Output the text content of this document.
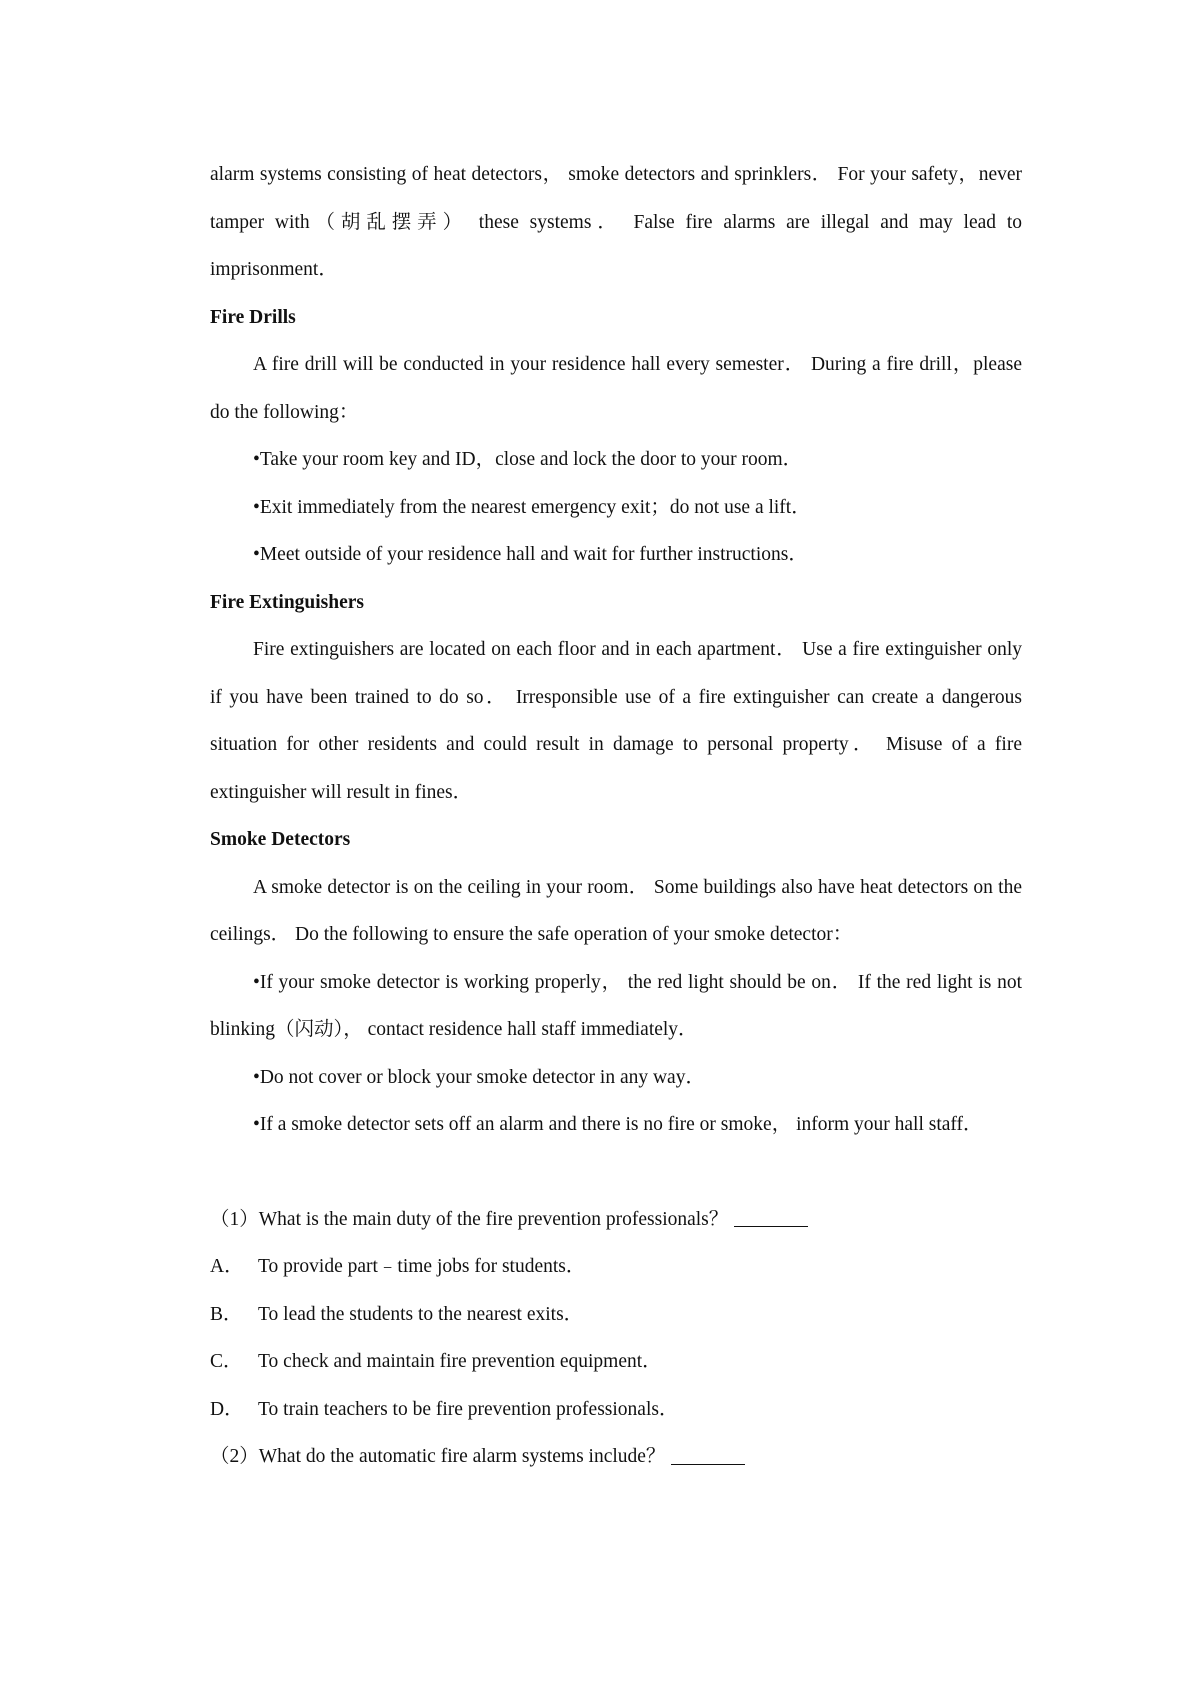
alarm systems consisting of heat detectors， smoke detectors and sprinklers． For your safety，never tamper with（胡乱摆弄） these systems． False fire alarms are illegal and may lead to imprisonment．

Fire Drills

A fire drill will be conducted in your residence hall every semester． During a fire drill，please do the following：

•Take your room key and ID，close and lock the door to your room．

•Exit immediately from the nearest emergency exit；do not use a lift．

•Meet outside of your residence hall and wait for further instructions．

Fire Extinguishers

Fire extinguishers are located on each floor and in each apartment． Use a fire extinguisher only if you have been trained to do so． Irresponsible use of a fire extinguisher can create a dangerous situation for other residents and could result in damage to personal property． Misuse of a fire extinguisher will result in fines．

Smoke Detectors

A smoke detector is on the ceiling in your room． Some buildings also have heat detectors on the ceilings． Do the following to ensure the safe operation of your smoke detector：

•If your smoke detector is working properly， the red light should be on． If the red light is not blinking（闪动）， contact residence hall staff immediately．

•Do not cover or block your smoke detector in any way．

•If a smoke detector sets off an alarm and there is no fire or smoke， inform your hall staff．

（1）What is the main duty of the fire prevention professionals？

A． To provide part﹣time jobs for students．

B． To lead the students to the nearest exits．

C． To check and maintain fire prevention equipment．

D． To train teachers to be fire prevention professionals．

（2）What do the automatic fire alarm systems include？
